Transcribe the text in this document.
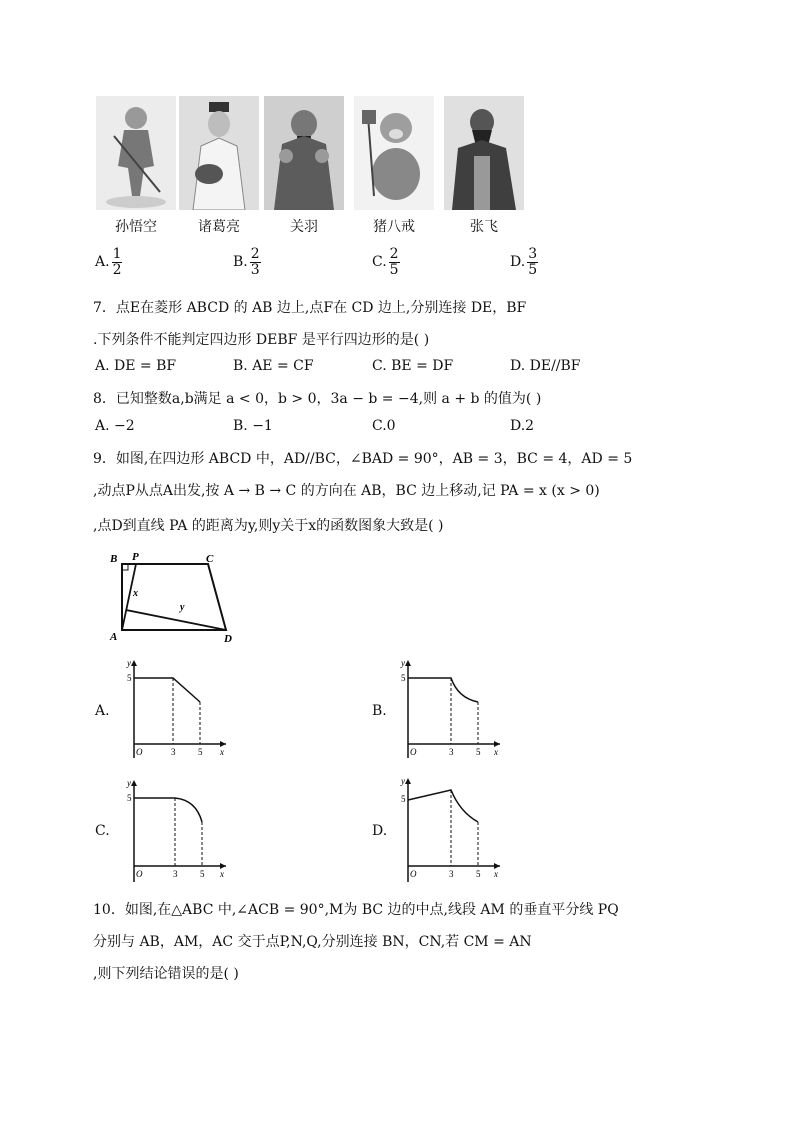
孙悟空	诸葛亮	关羽	猪八戒	张飞
A. $\frac{1}{2}$	B. $\frac{2}{3}$	C. $\frac{2}{5}$	D. $\frac{3}{5}$
7．点E在菱形 ABCD 的 AB 边上,点F在 CD 边上,分别连接 DE，BF
.下列条件不能判定四边形 DEBF 是平行四边形的是( )
A. DE = BF	B. AE = CF	C. BE = DF	D. DE//BF
8．已知整数a,b满足 a < 0，b > 0，3a − b = −4,则 a + b 的值为( )
A. −2	B. −1	C.0	D.2
9．如图,在四边形 ABCD 中，AD//BC，∠BAD = 90°，AB = 3，BC = 4，AD = 5
,动点P从点A出发,按 A → B → C 的方向在 AB，BC 边上移动,记 PA = x (x > 0)
,点D到直线 PA 的距离为y,则y关于x的函数图象大致是( )
B P	C
A	D
x
y
A.	B.
C.	D.
y
5
O	3	5 x
y
5
O	3	5 x
y
5
O	3	5 x
y
5
O	3	5 x
10．如图,在△ABC 中,∠ACB = 90°,M为 BC 边的中点,线段 AM 的垂直平分线 PQ
分别与 AB，AM，AC 交于点P,N,Q,分别连接 BN，CN,若 CM = AN
,则下列结论错误的是( )
